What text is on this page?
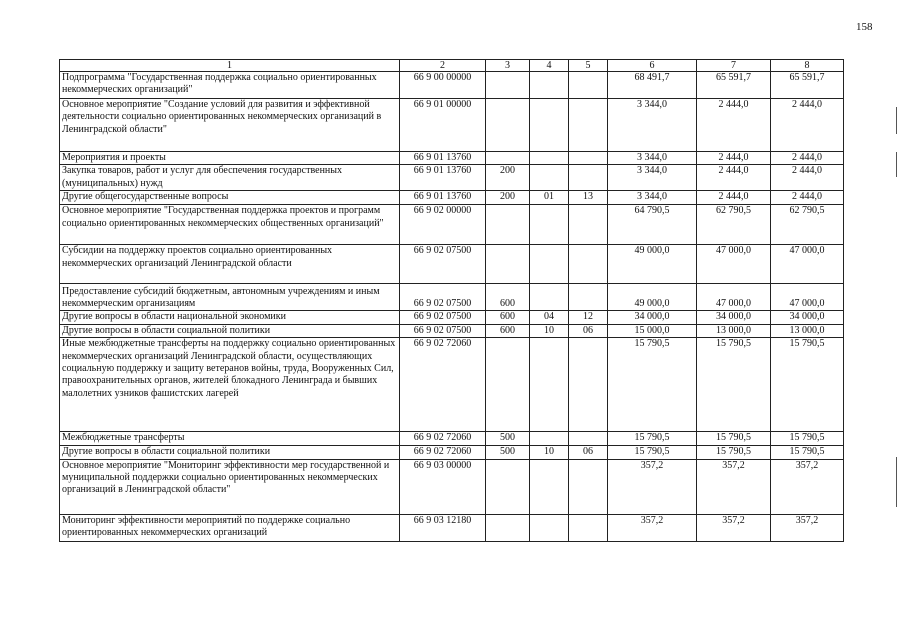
158
1	2	3	4	5	6	7	8
Подпрограмма "Государственная поддержка социально ориентированных некоммерческих организаций"	66 9 00 00000				68 491,7	65 591,7	65 591,7
Основное мероприятие "Создание условий для развития и эффективной деятельности социально ориентированных некоммерческих организаций в Ленинградской области"	66 9 01 00000				3 344,0	2 444,0	2 444,0
Мероприятия и проекты	66 9 01 13760				3 344,0	2 444,0	2 444,0
Закупка товаров, работ и услуг для обеспечения государственных (муниципальных) нужд	66 9 01 13760	200			3 344,0	2 444,0	2 444,0
Другие общегосударственные вопросы	66 9 01 13760	200	01	13	3 344,0	2 444,0	2 444,0
Основное мероприятие "Государственная поддержка проектов и программ социально ориентированных некоммерческих общественных организаций"	66 9 02 00000				64 790,5	62 790,5	62 790,5
Субсидии на поддержку проектов социально ориентированных некоммерческих организаций Ленинградской области	66 9 02 07500				49 000,0	47 000,0	47 000,0
Предоставление субсидий бюджетным, автономным учреждениям и иным некоммерческим организациям	66 9 02 07500	600			49 000,0	47 000,0	47 000,0
Другие вопросы в области национальной экономики	66 9 02 07500	600	04	12	34 000,0	34 000,0	34 000,0
Другие вопросы в области социальной политики	66 9 02 07500	600	10	06	15 000,0	13 000,0	13 000,0
Иные межбюджетные трансферты на поддержку социально ориентированных некоммерческих организаций Ленинградской области, осуществляющих социальную поддержку и защиту ветеранов войны, труда, Вооруженных Сил, правоохранительных органов, жителей блокадного Ленинграда и бывших малолетних узников фашистских лагерей	66 9 02 72060				15 790,5	15 790,5	15 790,5
Межбюджетные трансферты	66 9 02 72060	500			15 790,5	15 790,5	15 790,5
Другие вопросы в области социальной политики	66 9 02 72060	500	10	06	15 790,5	15 790,5	15 790,5
Основное мероприятие "Мониторинг эффективности мер государственной и муниципальной поддержки социально ориентированных некоммерческих организаций в Ленинградской области"	66 9 03 00000				357,2	357,2	357,2
Мониторинг эффективности мероприятий по поддержке социально ориентированных некоммерческих организаций	66 9 03 12180				357,2	357,2	357,2
